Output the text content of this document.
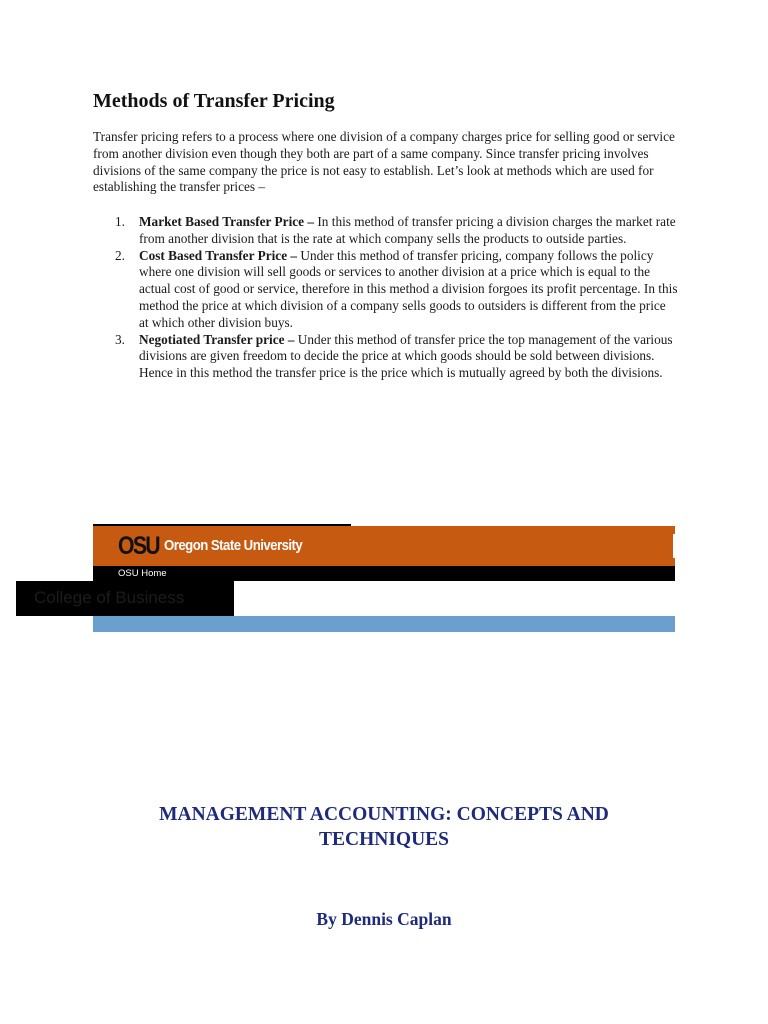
Methods of Transfer Pricing

Transfer pricing refers to a process where one division of a company charges price for selling good or service from another division even though they both are part of a same company. Since transfer pricing involves divisions of the same company the price is not easy to establish. Let’s look at methods which are used for establishing the transfer prices –

1. Market Based Transfer Price – In this method of transfer pricing a division charges the market rate from another division that is the rate at which company sells the products to outside parties.
2. Cost Based Transfer Price – Under this method of transfer pricing, company follows the policy where one division will sell goods or services to another division at a price which is equal to the actual cost of good or service, therefore in this method a division forgoes its profit percentage. In this method the price at which division of a company sells goods to outsiders is different from the price at which other division buys.
3. Negotiated Transfer price – Under this method of transfer price the top management of the various divisions are given freedom to decide the price at which goods should be sold between divisions. Hence in this method the transfer price is the price which is mutually agreed by both the divisions.
OSU Oregon State University
OSU Home
College of Business
MANAGEMENT ACCOUNTING: CONCEPTS AND TECHNIQUES

By Dennis Caplan
